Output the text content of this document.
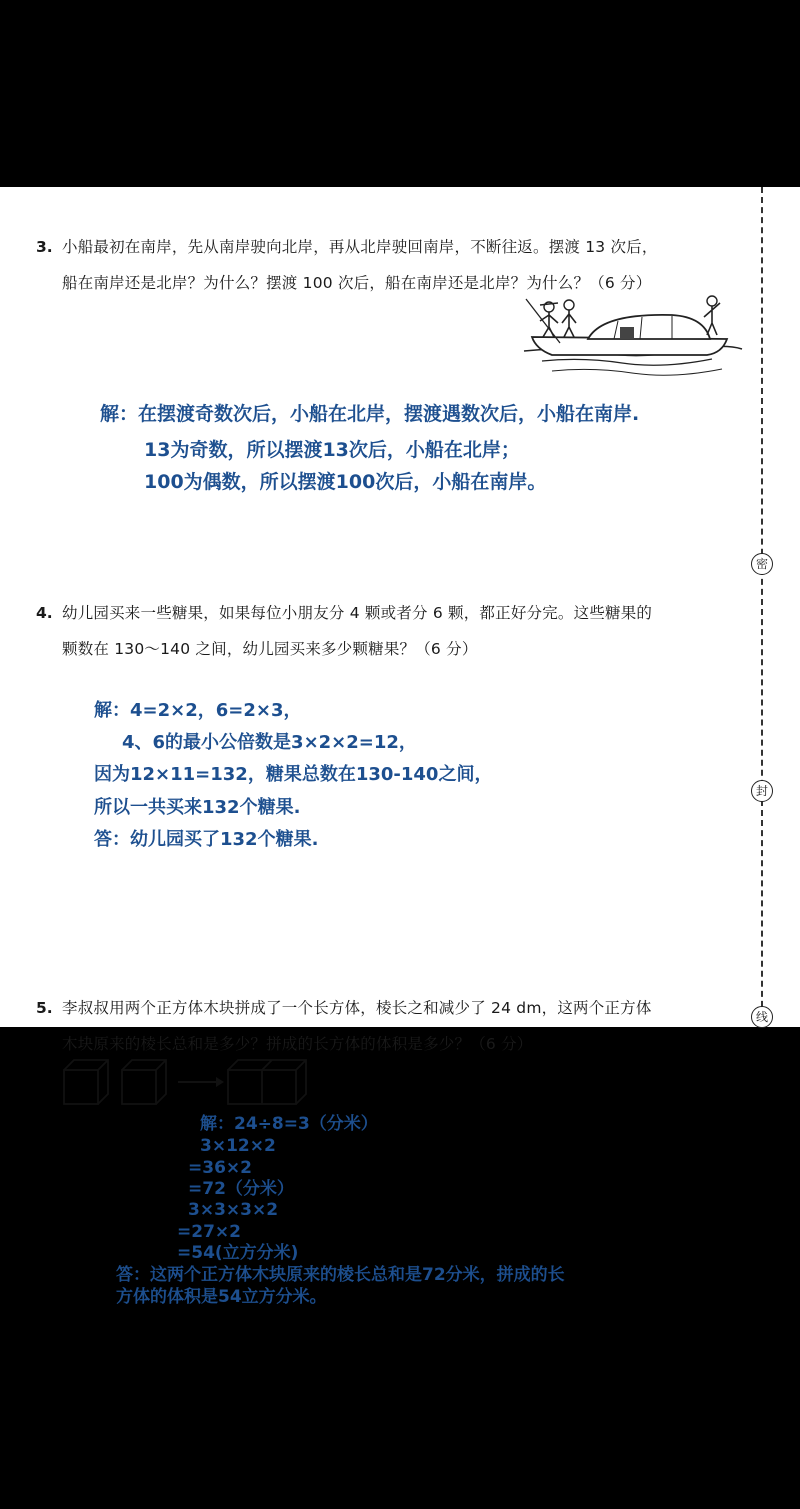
3. 小船最初在南岸，先从南岸驶向北岸，再从北岸驶回南岸，不断往返。摆渡 13 次后，
船在南岸还是北岸？为什么？摆渡 100 次后，船在南岸还是北岸？为什么？（6 分）
解：在摆渡奇数次后，小船在北岸，摆渡遇数次后，小船在南岸.
13为奇数，所以摆渡13次后，小船在北岸；
100为偶数，所以摆渡100次后，小船在南岸。
4. 幼儿园买来一些糖果，如果每位小朋友分 4 颗或者分 6 颗，都正好分完。这些糖果的
颗数在 130～140 之间，幼儿园买来多少颗糖果？（6 分）
解：4=2×2，6=2×3，
4、6的最小公倍数是3×2×2=12，
因为12×11=132，糖果总数在130-140之间，
所以一共买来132个糖果.
答：幼儿园买了132个糖果.
5. 李叔叔用两个正方体木块拼成了一个长方体，棱长之和减少了 24 dm，这两个正方体
木块原来的棱长总和是多少？拼成的长方体的体积是多少？（6 分）
解：24÷8=3（分米）
3×12×2
=36×2
=72（分米）
3×3×3×2
=27×2
=54(立方分米)
答：这两个正方体木块原来的棱长总和是72分米，拼成的长
方体的体积是54立方分米。
密
封
线
